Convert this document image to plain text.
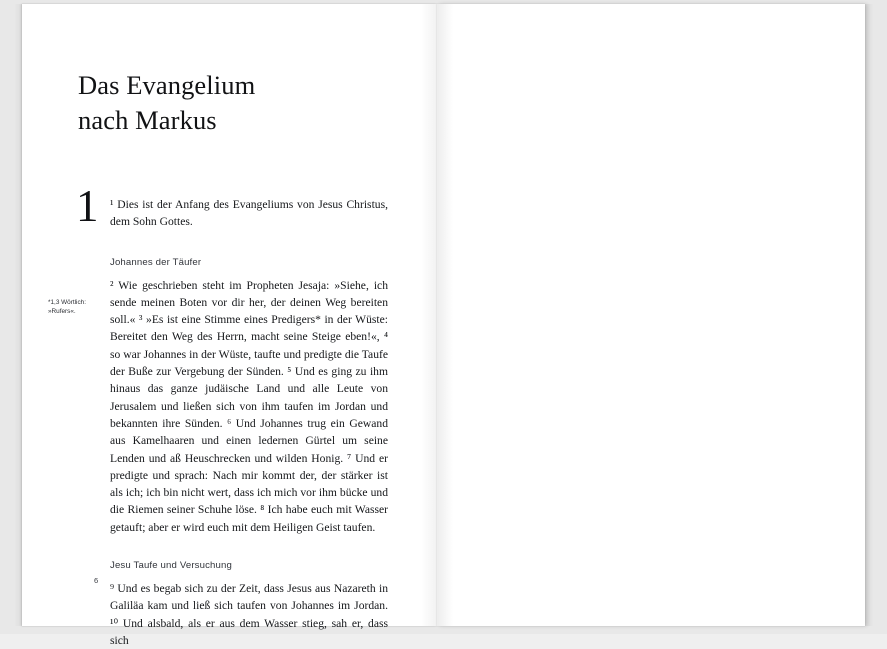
Das Evangelium
nach Markus
1
*1,3 Wörtlich: »Rufers«.

¹ Dies ist der Anfang des Evangeliums von Jesus Christus, dem Sohn Gottes.

Johannes der Täufer

² Wie geschrieben steht im Propheten Jesaja: »Siehe, ich sende meinen Boten vor dir her, der deinen Weg bereiten soll.« ³ »Es ist eine Stimme eines Predigers* in der Wüste: Bereitet den Weg des Herrn, macht seine Steige eben!«, ⁴ so war Johannes in der Wüste, taufte und predigte die Taufe der Buße zur Vergebung der Sünden. ⁵ Und es ging zu ihm hinaus das ganze judäische Land und alle Leute von Jerusalem und ließen sich von ihm taufen im Jordan und bekannten ihre Sünden. ⁶ Und Johannes trug ein Gewand aus Kamelhaaren und einen ledernen Gürtel um seine Lenden und aß Heuschrecken und wilden Honig. ⁷ Und er predigte und sprach: Nach mir kommt der, der stärker ist als ich; ich bin nicht wert, dass ich mich vor ihm bücke und die Riemen seiner Schuhe löse. ⁸ Ich habe euch mit Wasser getauft; aber er wird euch mit dem Heiligen Geist taufen.

Jesu Taufe und Versuchung

⁹ Und es begab sich zu der Zeit, dass Jesus aus Nazareth in Galiläa kam und ließ sich taufen von Johannes im Jordan. ¹⁰ Und alsbald, als er aus dem Wasser stieg, sah er, dass sich

6
